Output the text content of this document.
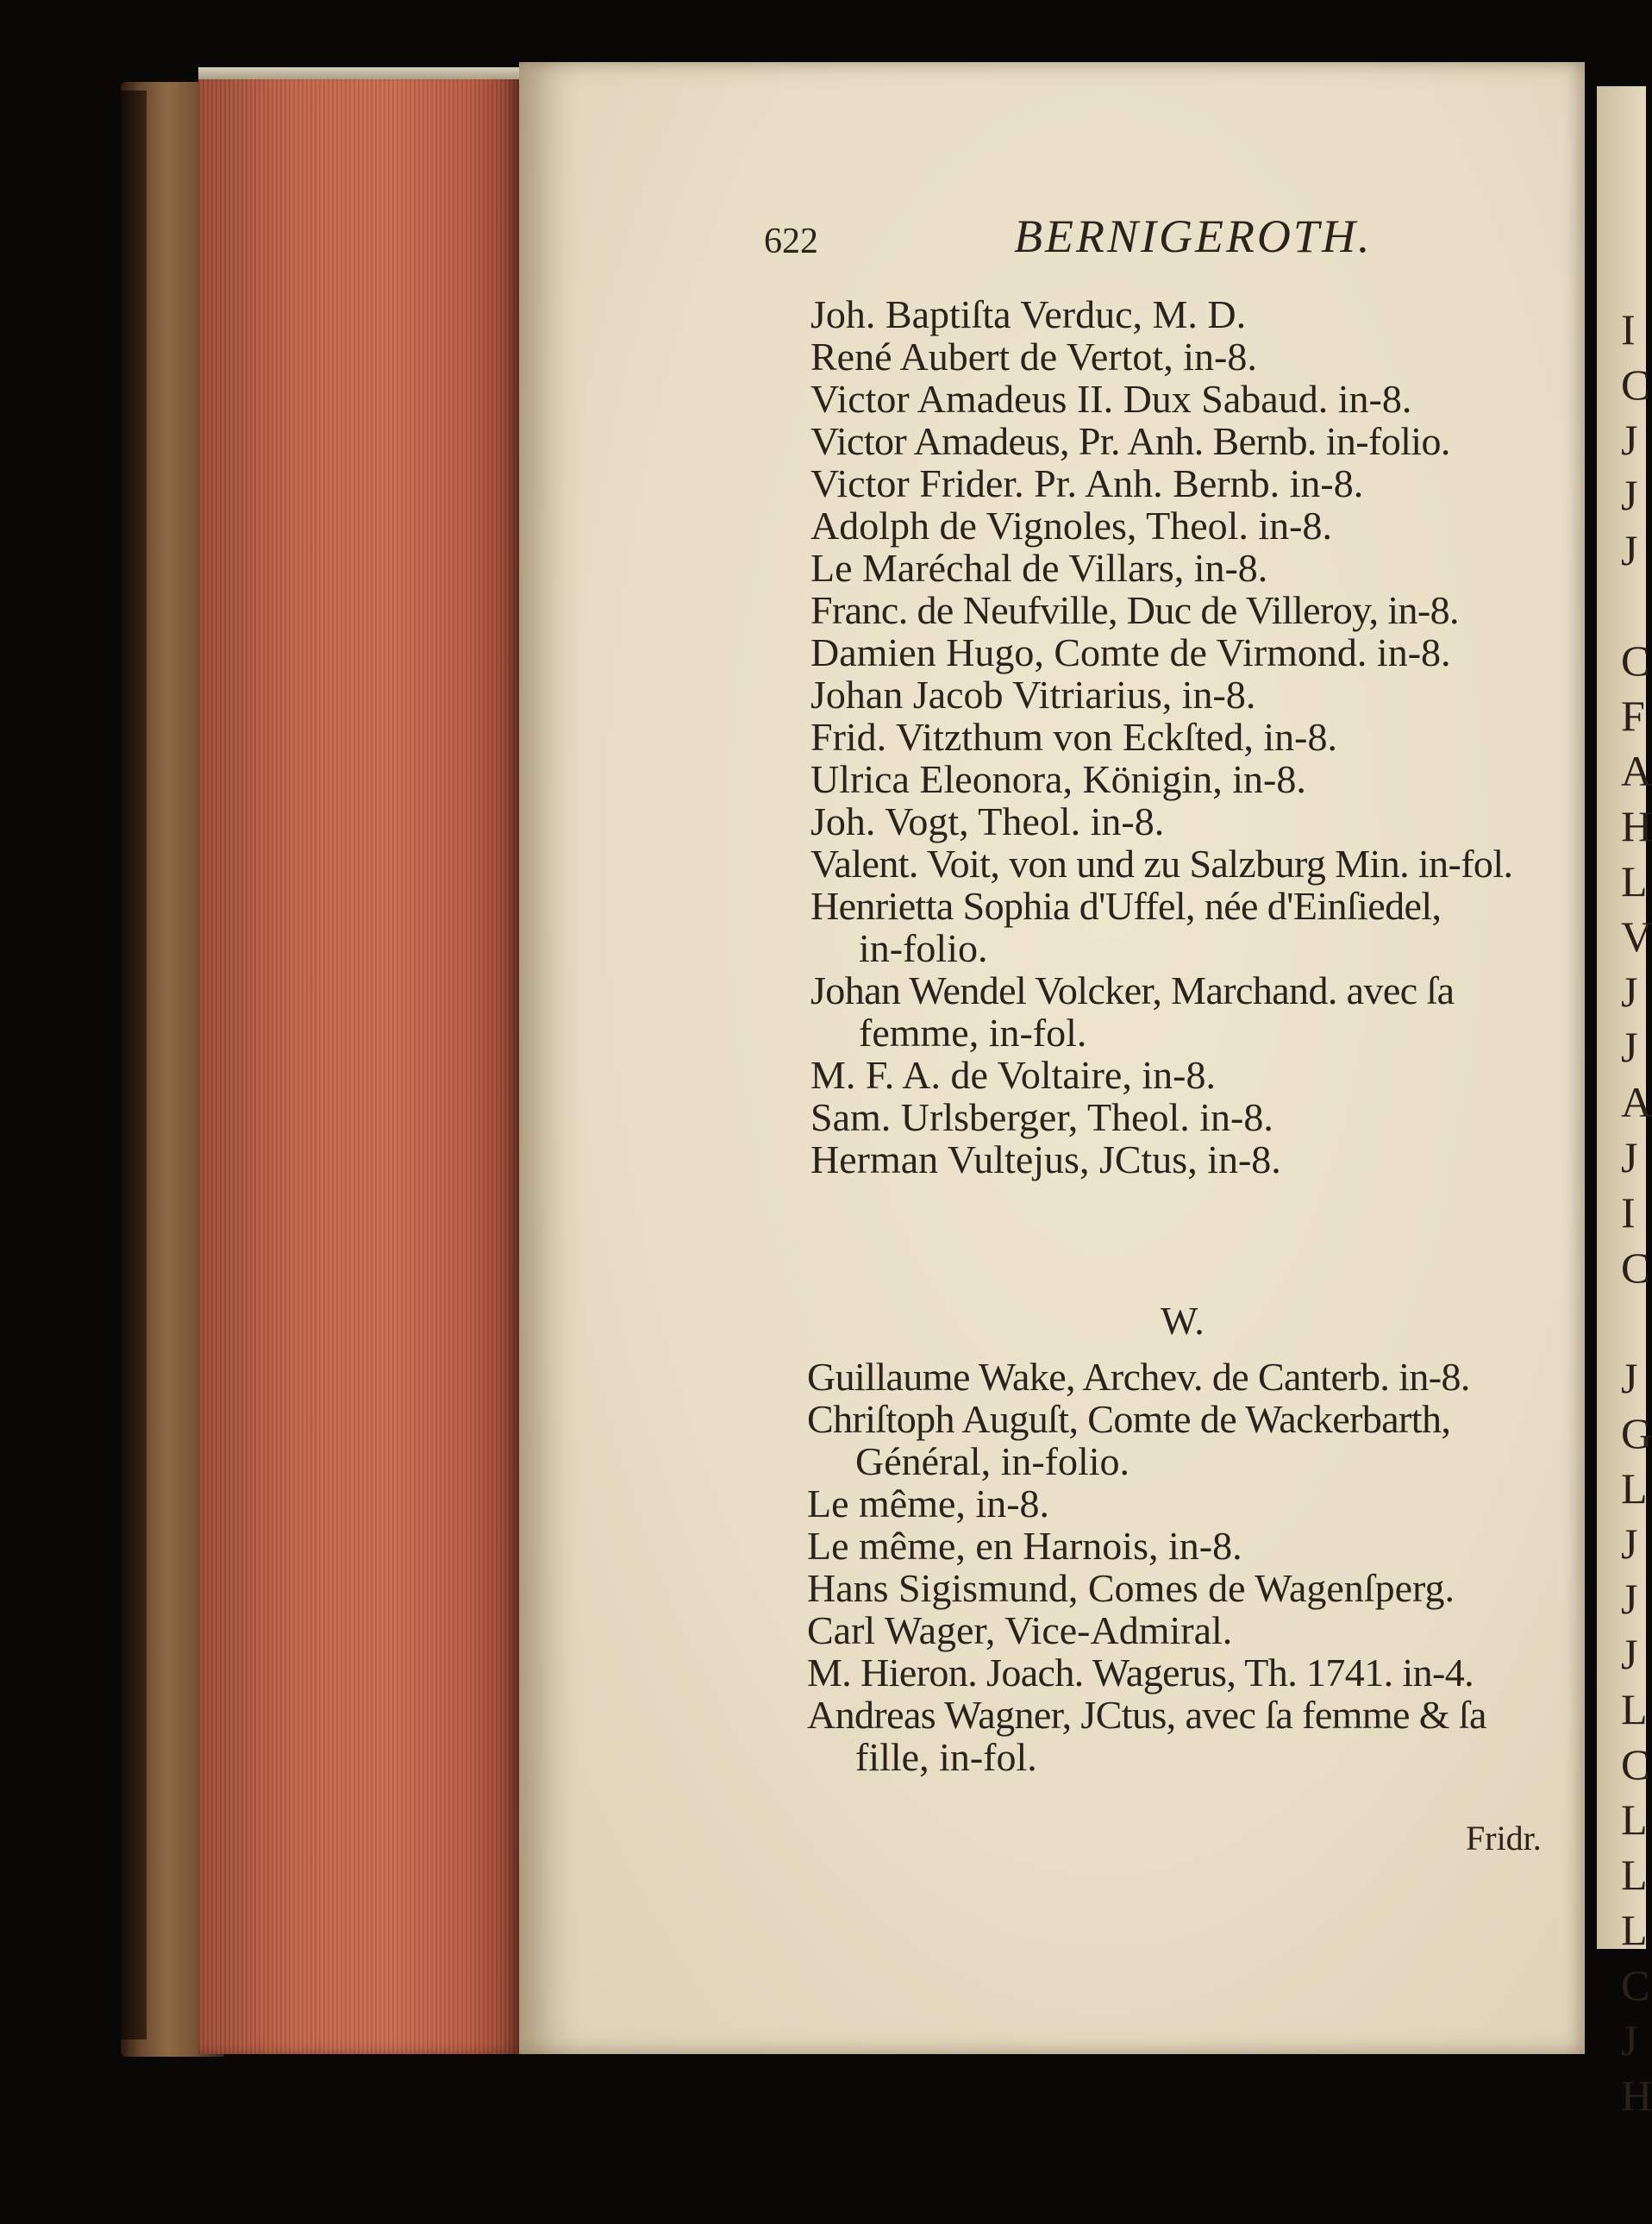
I
C
J
J
J
C
F
A
H
L
V
J
J
A
J
I
C
J
G
L
J
J
J
L
C
L
L
L
C
J
H
622	BERNIGEROTH.
Joh. Baptiſta Verduc, M. D.
René Aubert de Vertot, in-8.
Victor Amadeus II. Dux Sabaud. in-8.
Victor Amadeus, Pr. Anh. Bernb. in-folio.
Victor Frider. Pr. Anh. Bernb. in-8.
Adolph de Vignoles, Theol. in-8.
Le Maréchal de Villars, in-8.
Franc. de Neufville, Duc de Villeroy, in-8.
Damien Hugo, Comte de Virmond. in-8.
Johan Jacob Vitriarius, in-8.
Frid. Vitzthum von Eckſted, in-8.
Ulrica Eleonora, Königin, in-8.
Joh. Vogt, Theol. in-8.
Valent. Voit, von und zu Salzburg Min. in-fol.
Henrietta Sophia d'Uffel, née d'Einſiedel,
in-folio.
Johan Wendel Volcker, Marchand. avec ſa
femme, in-fol.
M. F. A. de Voltaire, in-8.
Sam. Urlsberger, Theol. in-8.
Herman Vultejus, JCtus, in-8.
W.
Guillaume Wake, Archev. de Canterb. in-8.
Chriſtoph Auguſt, Comte de Wackerbarth,
Général, in-folio.
Le même, in-8.
Le même, en Harnois, in-8.
Hans Sigismund, Comes de Wagenſperg.
Carl Wager, Vice-Admiral.
M. Hieron. Joach. Wagerus, Th. 1741. in-4.
Andreas Wagner, JCtus, avec ſa femme & ſa
fille, in-fol.
Fridr.
